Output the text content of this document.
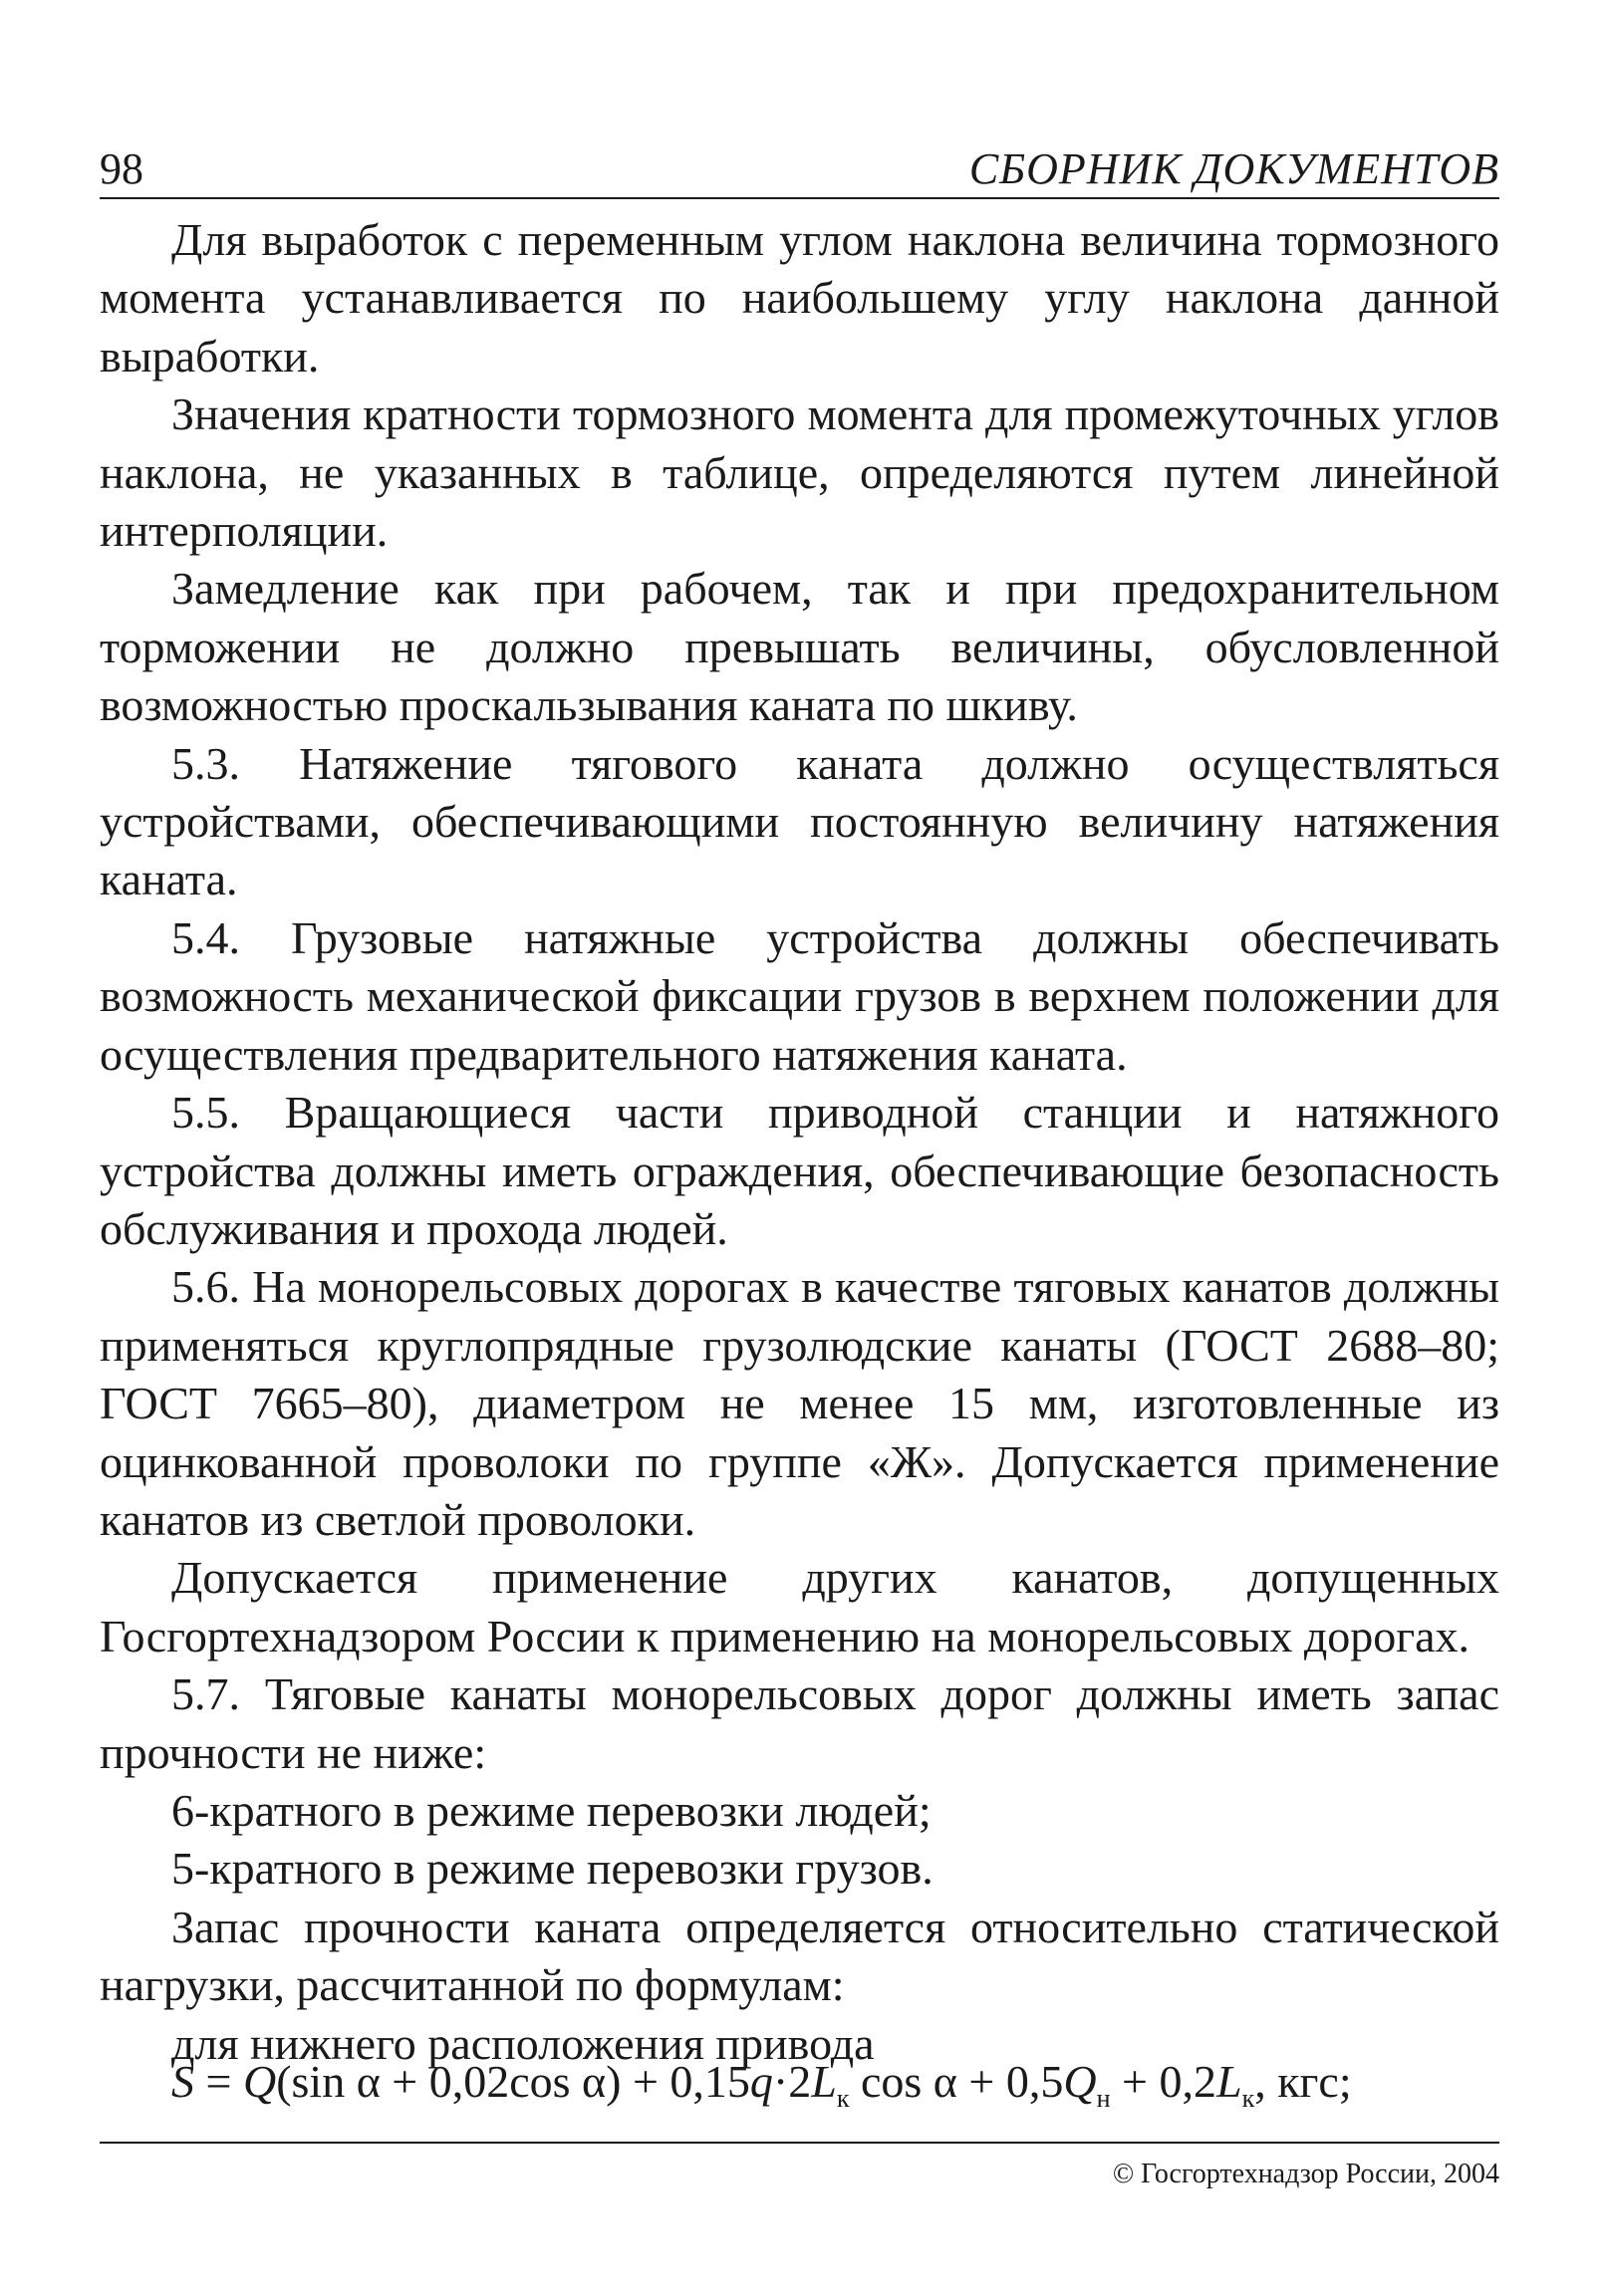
98	СБОРНИК ДОКУМЕНТОВ

Для выработок с переменным углом наклона величина тормозного момента устанавливается по наибольшему углу наклона данной выработки.

Значения кратности тормозного момента для промежуточных углов наклона, не указанных в таблице, определяются путем линейной интерполяции.

Замедление как при рабочем, так и при предохранительном торможении не должно превышать величины, обусловленной возможностью проскальзывания каната по шкиву.

5.3. Натяжение тягового каната должно осуществляться устройствами, обеспечивающими постоянную величину натяжения каната.

5.4. Грузовые натяжные устройства должны обеспечивать возможность механической фиксации грузов в верхнем положении для осуществления предварительного натяжения каната.

5.5. Вращающиеся части приводной станции и натяжного устройства должны иметь ограждения, обеспечивающие безопасность обслуживания и прохода людей.

5.6. На монорельсовых дорогах в качестве тяговых канатов должны применяться круглопрядные грузолюдские канаты (ГОСТ 2688–80; ГОСТ 7665–80), диаметром не менее 15 мм, изготовленные из оцинкованной проволоки по группе «Ж». Допускается применение канатов из светлой проволоки.

Допускается применение других канатов, допущенных Госгортехнадзором России к применению на монорельсовых дорогах.

5.7. Тяговые канаты монорельсовых дорог должны иметь запас прочности не ниже:

6-кратного в режиме перевозки людей;

5-кратного в режиме перевозки грузов.

Запас прочности каната определяется относительно статической нагрузки, рассчитанной по формулам:

для нижнего расположения привода

S = Q(sin α + 0,02cos $\alpha) + 0,15q\cdot 2L_к$ $\cos \alpha + 0,5Q_н + 0,2L_к$, кгс;
© Госгортехнадзор России, 2004
